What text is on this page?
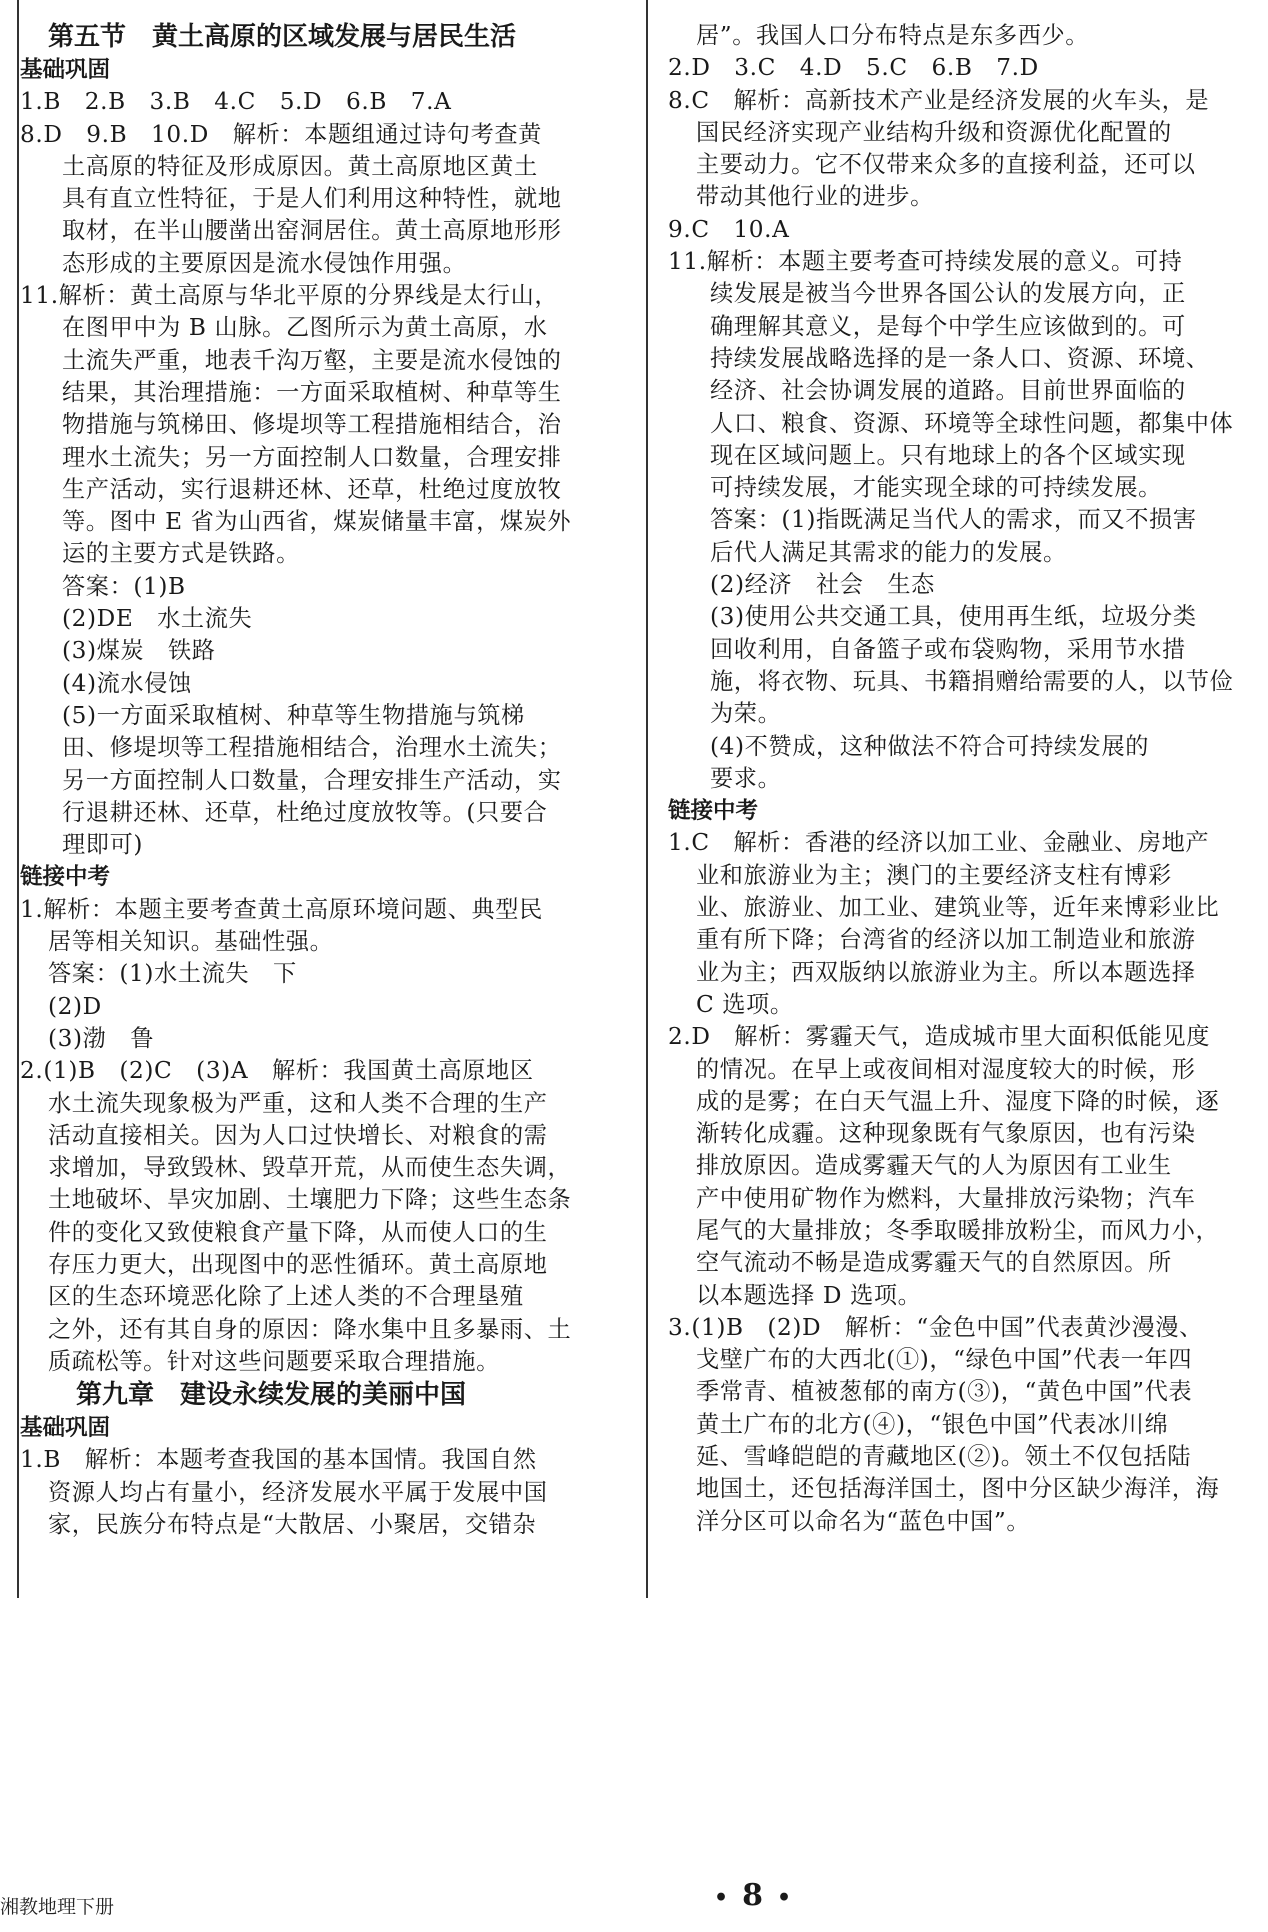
第五节　黄土高原的区域发展与居民生活
基础巩固
1.B　2.B　3.B　4.C　5.D　6.B　7.A
8.D　9.B　10.D　解析：本题组通过诗句考查黄
土高原的特征及形成原因。黄土高原地区黄土
具有直立性特征，于是人们利用这种特性，就地
取材，在半山腰凿出窑洞居住。黄土高原地形形
态形成的主要原因是流水侵蚀作用强。
11.解析：黄土高原与华北平原的分界线是太行山，
在图甲中为 B 山脉。乙图所示为黄土高原，水
土流失严重，地表千沟万壑，主要是流水侵蚀的
结果，其治理措施：一方面采取植树、种草等生
物措施与筑梯田、修堤坝等工程措施相结合，治
理水土流失；另一方面控制人口数量，合理安排
生产活动，实行退耕还林、还草，杜绝过度放牧
等。图中 E 省为山西省，煤炭储量丰富，煤炭外
运的主要方式是铁路。
答案：(1)B
(2)DE　水土流失
(3)煤炭　铁路
(4)流水侵蚀
(5)一方面采取植树、种草等生物措施与筑梯
田、修堤坝等工程措施相结合，治理水土流失；
另一方面控制人口数量，合理安排生产活动，实
行退耕还林、还草，杜绝过度放牧等。(只要合
理即可)
链接中考
1.解析：本题主要考查黄土高原环境问题、典型民
居等相关知识。基础性强。
答案：(1)水土流失　下
(2)D
(3)渤　鲁
2.(1)B　(2)C　(3)A　解析：我国黄土高原地区
水土流失现象极为严重，这和人类不合理的生产
活动直接相关。因为人口过快增长、对粮食的需
求增加，导致毁林、毁草开荒，从而使生态失调，
土地破坏、旱灾加剧、土壤肥力下降；这些生态条
件的变化又致使粮食产量下降，从而使人口的生
存压力更大，出现图中的恶性循环。黄土高原地
区的生态环境恶化除了上述人类的不合理垦殖
之外，还有其自身的原因：降水集中且多暴雨、土
质疏松等。针对这些问题要采取合理措施。
第九章　建设永续发展的美丽中国
基础巩固
1.B　解析：本题考查我国的基本国情。我国自然
资源人均占有量小，经济发展水平属于发展中国
家，民族分布特点是“大散居、小聚居，交错杂
居”。我国人口分布特点是东多西少。
2.D　3.C　4.D　5.C　6.B　7.D
8.C　解析：高新技术产业是经济发展的火车头，是
国民经济实现产业结构升级和资源优化配置的
主要动力。它不仅带来众多的直接利益，还可以
带动其他行业的进步。
9.C　10.A
11.解析：本题主要考查可持续发展的意义。可持
续发展是被当今世界各国公认的发展方向，正
确理解其意义，是每个中学生应该做到的。可
持续发展战略选择的是一条人口、资源、环境、
经济、社会协调发展的道路。目前世界面临的
人口、粮食、资源、环境等全球性问题，都集中体
现在区域问题上。只有地球上的各个区域实现
可持续发展，才能实现全球的可持续发展。
答案：(1)指既满足当代人的需求，而又不损害
后代人满足其需求的能力的发展。
(2)经济　社会　生态
(3)使用公共交通工具，使用再生纸，垃圾分类
回收利用，自备篮子或布袋购物，采用节水措
施，将衣物、玩具、书籍捐赠给需要的人，以节俭
为荣。
(4)不赞成，这种做法不符合可持续发展的
要求。
链接中考
1.C　解析：香港的经济以加工业、金融业、房地产
业和旅游业为主；澳门的主要经济支柱有博彩
业、旅游业、加工业、建筑业等，近年来博彩业比
重有所下降；台湾省的经济以加工制造业和旅游
业为主；西双版纳以旅游业为主。所以本题选择
C 选项。
2.D　解析：雾霾天气，造成城市里大面积低能见度
的情况。在早上或夜间相对湿度较大的时候，形
成的是雾；在白天气温上升、湿度下降的时候，逐
渐转化成霾。这种现象既有气象原因，也有污染
排放原因。造成雾霾天气的人为原因有工业生
产中使用矿物作为燃料，大量排放污染物；汽车
尾气的大量排放；冬季取暖排放粉尘，而风力小，
空气流动不畅是造成雾霾天气的自然原因。所
以本题选择 D 选项。
3.(1)B　(2)D　解析：“金色中国”代表黄沙漫漫、
戈壁广布的大西北(①)，“绿色中国”代表一年四
季常青、植被葱郁的南方(③)，“黄色中国”代表
黄土广布的北方(④)，“银色中国”代表冰川绵
延、雪峰皑皑的青藏地区(②)。领土不仅包括陆
地国土，还包括海洋国土，图中分区缺少海洋，海
洋分区可以命名为“蓝色中国”。
湘教地理下册	• 8 •
